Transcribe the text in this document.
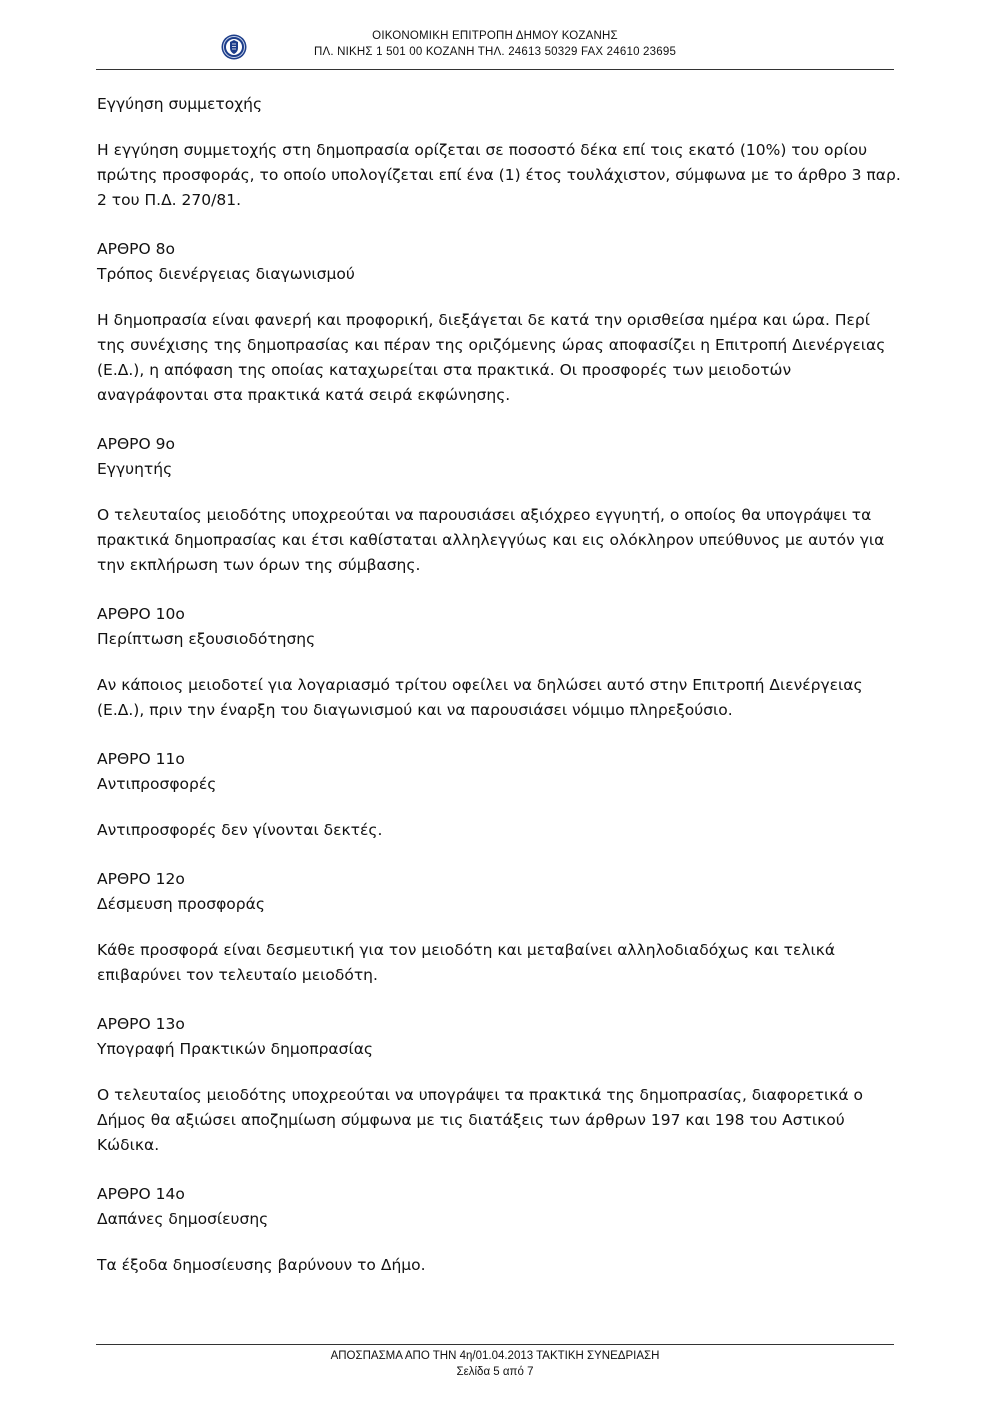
ΟΙΚΟΝΟΜΙΚΗ ΕΠΙΤΡΟΠΗ ΔΗΜΟΥ ΚΟΖΑΝΗΣ
ΠΛ. ΝΙΚΗΣ 1 501 00 ΚΟΖΑΝΗ ΤΗΛ. 24613 50329 FAX 24610 23695

Εγγύηση συμμετοχής

Η εγγύηση συμμετοχής στη δημοπρασία ορίζεται σε ποσοστό δέκα επί τοις εκατό (10%) του ορίου πρώτης προσφοράς, το οποίο υπολογίζεται επί ένα (1) έτος τουλάχιστον, σύμφωνα με το άρθρο 3 παρ. 2 του Π.Δ. 270/81.

ΑΡΘΡΟ 8ο

Τρόπος διενέργειας διαγωνισμού

Η δημοπρασία είναι φανερή και προφορική, διεξάγεται δε κατά την ορισθείσα ημέρα και ώρα. Περί της συνέχισης της δημοπρασίας και πέραν της οριζόμενης ώρας αποφασίζει η Επιτροπή Διενέργειας (Ε.Δ.), η απόφαση της οποίας καταχωρείται στα πρακτικά. Οι προσφορές των μειοδοτών αναγράφονται στα πρακτικά κατά σειρά εκφώνησης.

ΑΡΘΡΟ 9ο

Εγγυητής

Ο τελευταίος μειοδότης υποχρεούται να παρουσιάσει αξιόχρεο εγγυητή, ο οποίος θα υπογράψει τα πρακτικά δημοπρασίας και έτσι καθίσταται αλληλεγγύως και εις ολόκληρον υπεύθυνος με αυτόν για την εκπλήρωση των όρων της σύμβασης.

ΑΡΘΡΟ 10ο

Περίπτωση εξουσιοδότησης

Αν κάποιος μειοδοτεί για λογαριασμό τρίτου οφείλει να δηλώσει αυτό στην Επιτροπή Διενέργειας (Ε.Δ.), πριν την έναρξη του διαγωνισμού και να παρουσιάσει νόμιμο πληρεξούσιο.

ΑΡΘΡΟ 11ο

Αντιπροσφορές

Αντιπροσφορές δεν γίνονται δεκτές.

ΑΡΘΡΟ 12ο

Δέσμευση προσφοράς

Κάθε προσφορά είναι δεσμευτική για τον μειοδότη και μεταβαίνει αλληλοδιαδόχως και τελικά επιβαρύνει τον τελευταίο μειοδότη.

ΑΡΘΡΟ 13ο

Υπογραφή Πρακτικών δημοπρασίας

Ο τελευταίος μειοδότης υποχρεούται να υπογράψει τα πρακτικά της δημοπρασίας, διαφορετικά ο Δήμος θα αξιώσει αποζημίωση σύμφωνα με τις διατάξεις των άρθρων 197 και 198 του Αστικού Κώδικα.

ΑΡΘΡΟ 14ο

Δαπάνες δημοσίευσης

Τα έξοδα δημοσίευσης βαρύνουν το Δήμο.

ΑΠΟΣΠΑΣΜΑ ΑΠΟ ΤΗΝ 4η/01.04.2013 ΤΑΚΤΙΚΗ ΣΥΝΕΔΡΙΑΣΗ
Σελίδα 5 από 7
